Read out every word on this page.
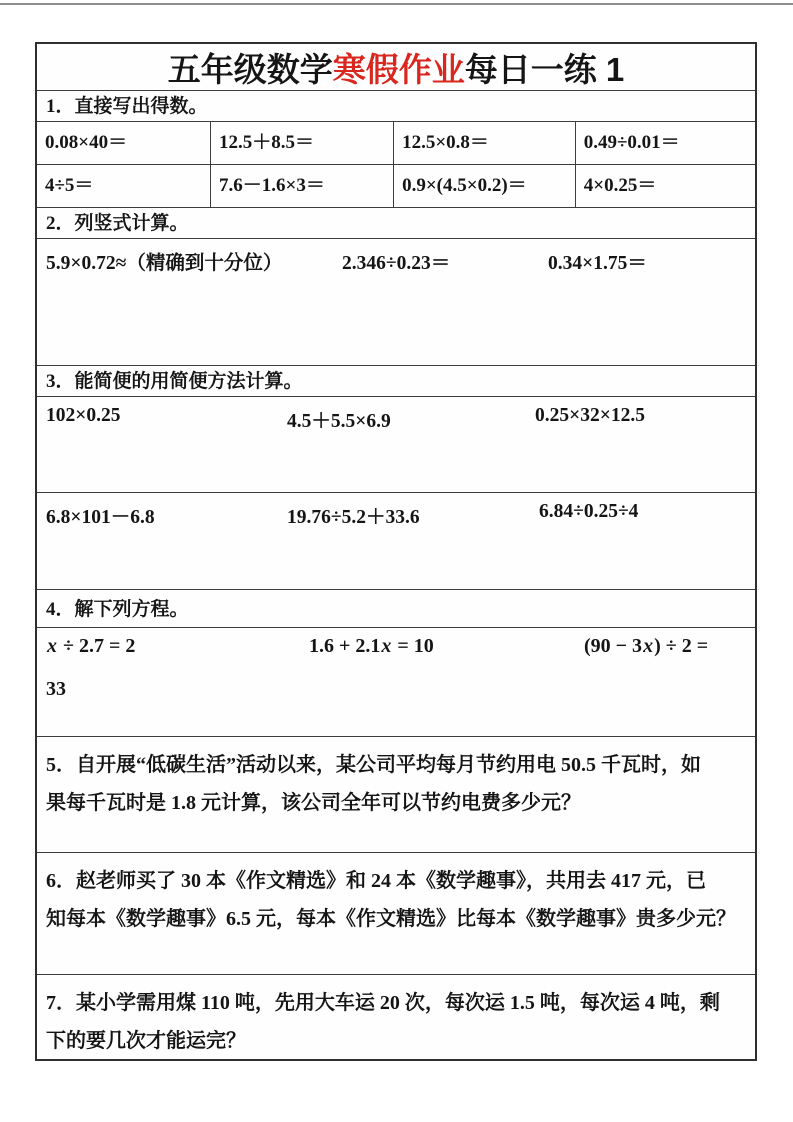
五年级数学 寒假作业 每日一练 1
1．直接写出得数。
0.08×40＝	12.5＋8.5＝	12.5×0.8＝	0.49÷0.01＝
4÷5＝	7.6－1.6×3＝	0.9×(4.5×0.2)＝	4×0.25＝
2．列竖式计算。
5.9×0.72≈（精确到十分位）	2.346÷0.23＝	0.34×1.75＝
3．能简便的用简便方法计算。
102×0.25	4.5＋5.5×6.9	0.25×32×12.5
6.8×101－6.8	19.76÷5.2＋33.6	6.84÷0.25÷4
4．解下列方程。
x ÷ 2.7 = 2	1.6 + 2.1x = 10	(90 − 3x) ÷ 2 =
33
5．自开展“低碳生活”活动以来，某公司平均每月节约用电 50.5 千瓦时，如
果每千瓦时是 1.8 元计算，该公司全年可以节约电费多少元？
6．赵老师买了 30 本《作文精选》和 24 本《数学趣事》，共用去 417 元，已
知每本《数学趣事》6.5 元，每本《作文精选》比每本《数学趣事》贵多少元？
7．某小学需用煤 110 吨，先用大车运 20 次，每次运 1.5 吨，每次运 4 吨，剩
下的要几次才能运完？
